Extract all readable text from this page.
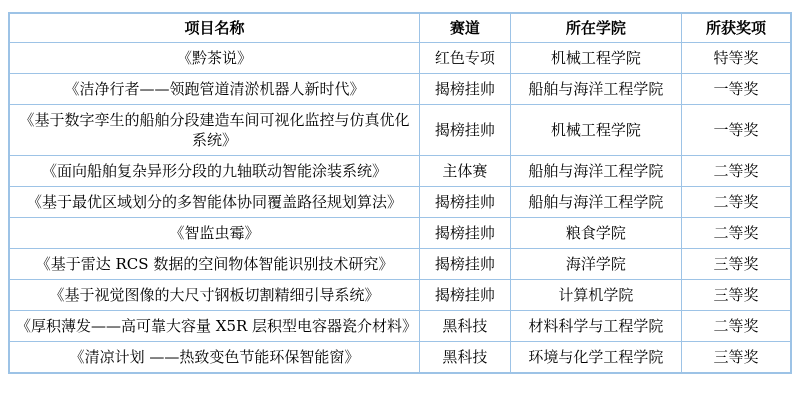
项目名称	赛道	所在学院	所获奖项
《黔茶说》	红色专项	机械工程学院	特等奖
《洁净行者——领跑管道清淤机器人新时代》	揭榜挂帅	船舶与海洋工程学院	一等奖
《基于数字孪生的船舶分段建造车间可视化监控与仿真优化系统》	揭榜挂帅	机械工程学院	一等奖
《面向船舶复杂异形分段的九轴联动智能涂装系统》	主体赛	船舶与海洋工程学院	二等奖
《基于最优区域划分的多智能体协同覆盖路径规划算法》	揭榜挂帅	船舶与海洋工程学院	二等奖
《智监虫霉》	揭榜挂帅	粮食学院	二等奖
《基于雷达 RCS 数据的空间物体智能识别技术研究》	揭榜挂帅	海洋学院	三等奖
《基于视觉图像的大尺寸钢板切割精细引导系统》	揭榜挂帅	计算机学院	三等奖
《厚积薄发——高可靠大容量 X5R 层积型电容器瓷介材料》	黑科技	材料科学与工程学院	二等奖
《清凉计划 ——热致变色节能环保智能窗》	黑科技	环境与化学工程学院	三等奖
